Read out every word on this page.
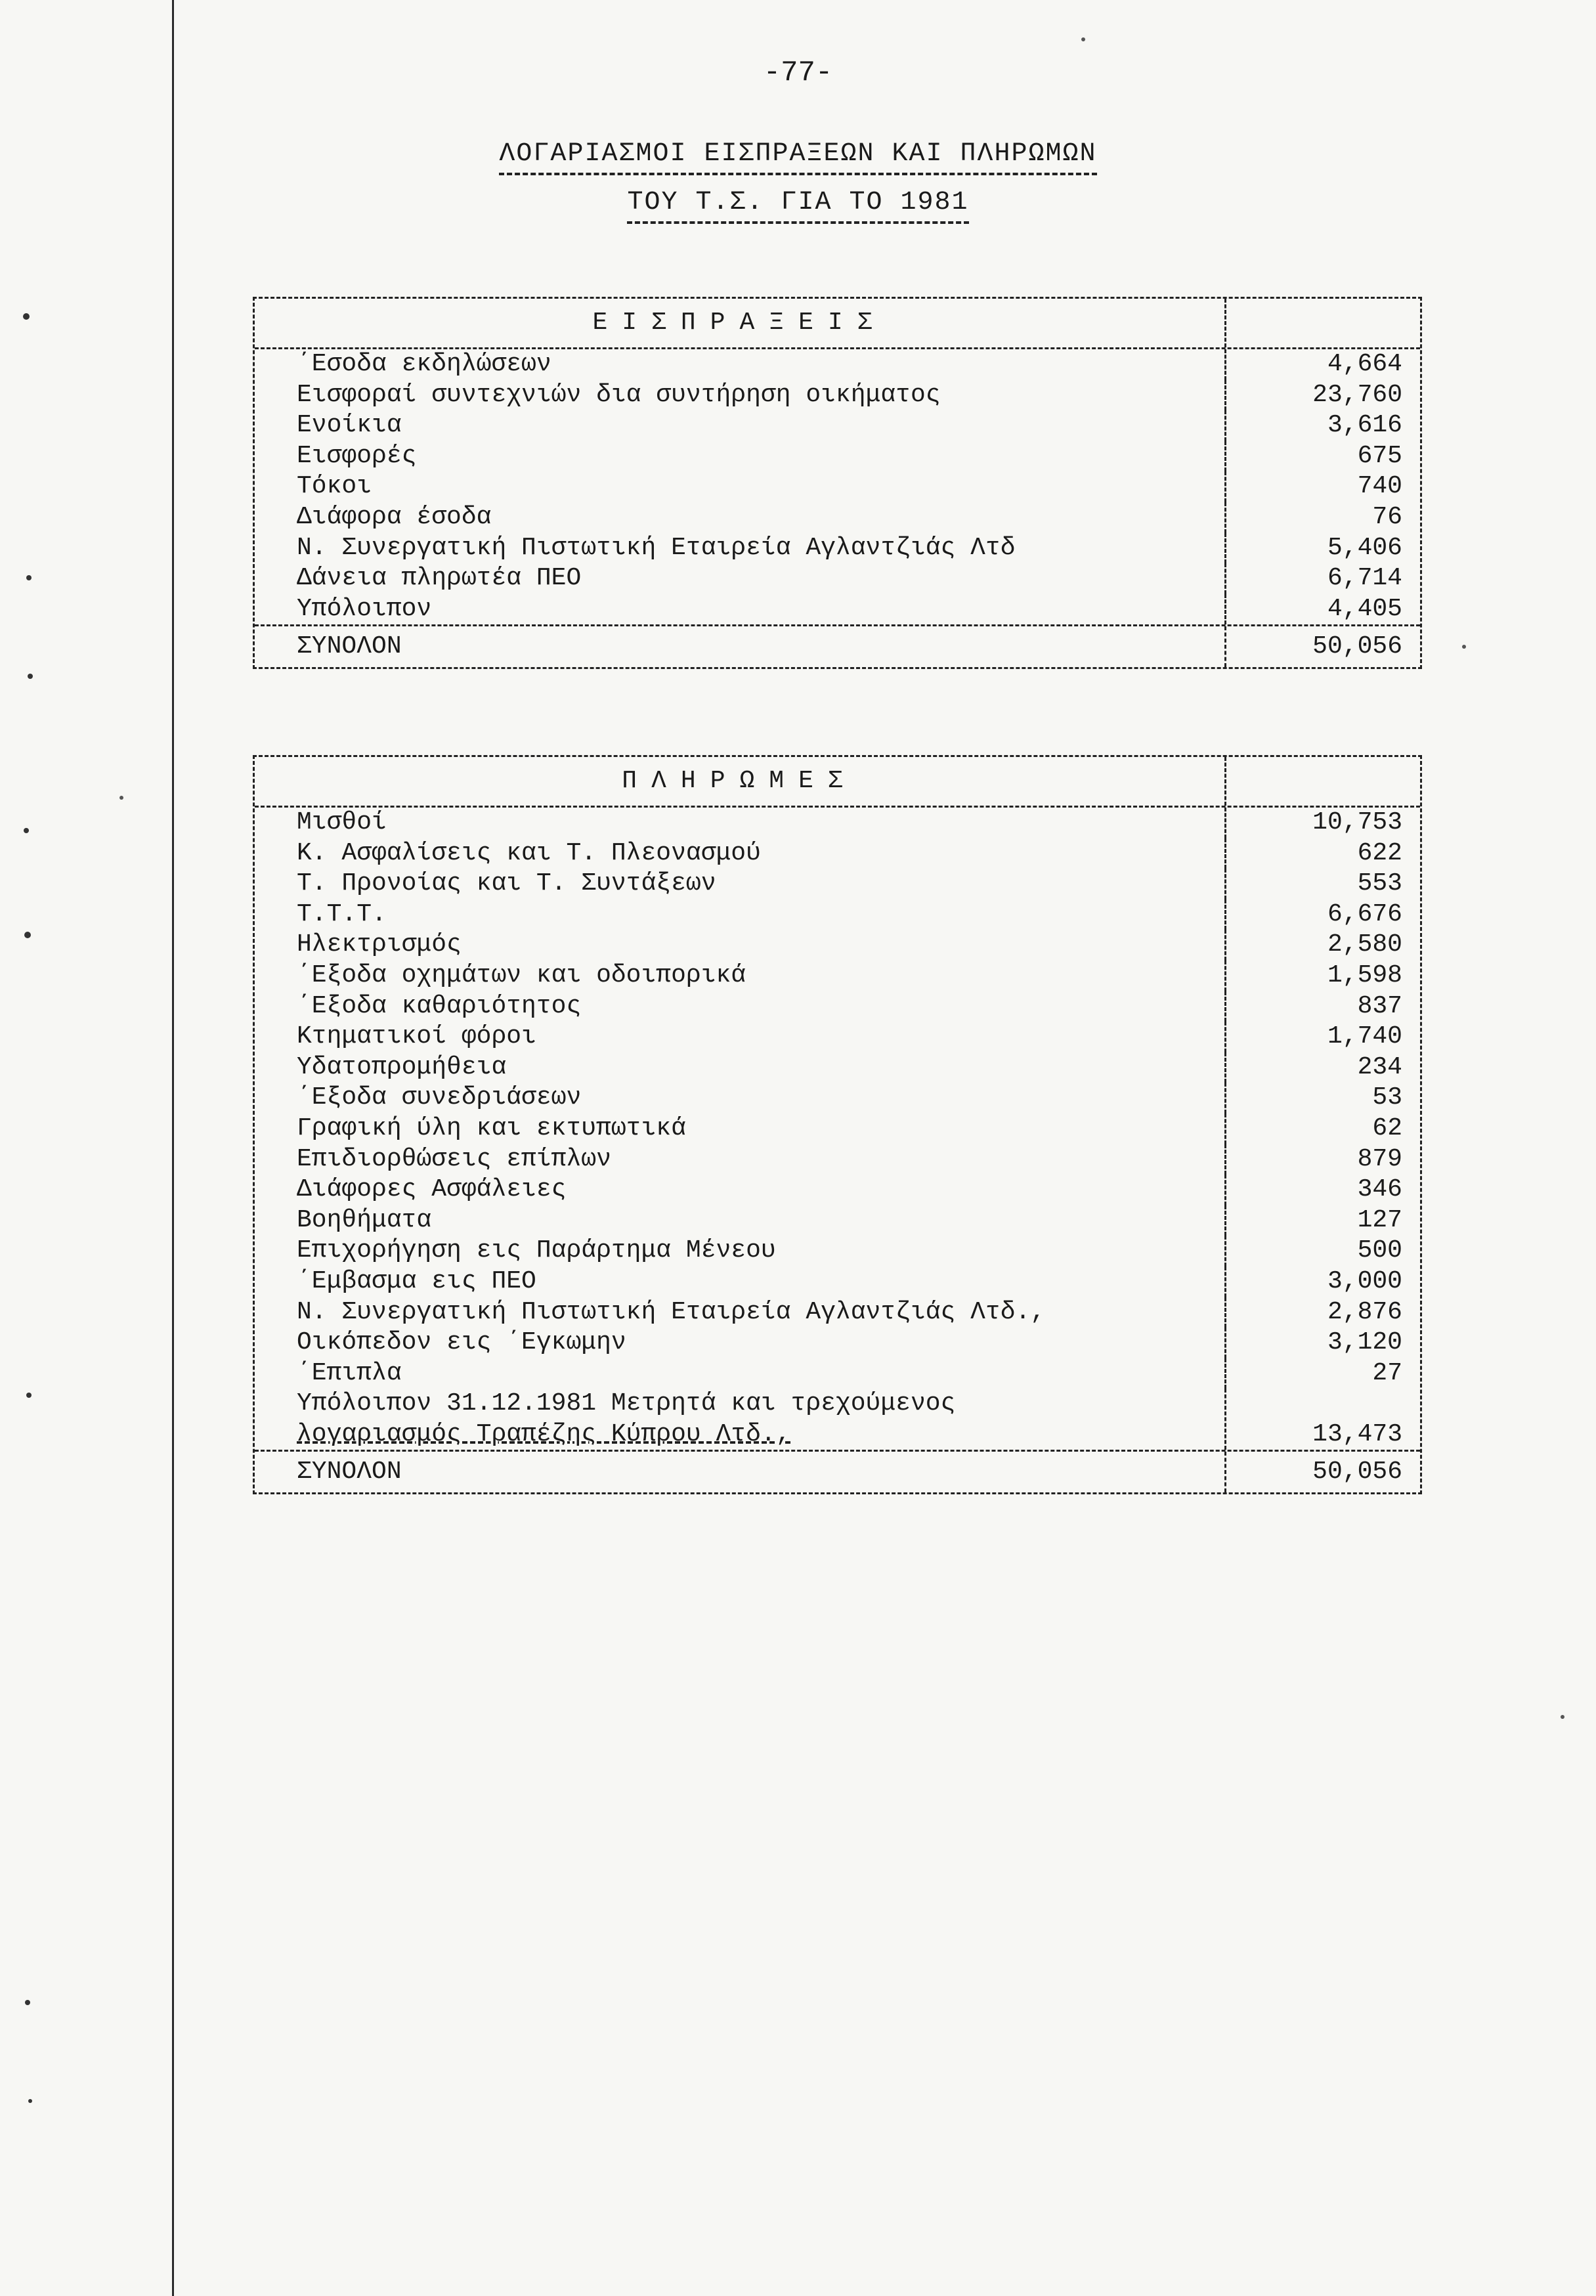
-77-
ΛΟΓΑΡΙΑΣΜΟΙ ΕΙΣΠΡΑΞΕΩΝ ΚΑΙ ΠΛΗΡΩΜΩΝ
ΤΟΥ Τ.Σ. ΓΙΑ ΤΟ 1981
ΕΙΣΠΡΑΞΕΙΣ
΄Εσοδα εκδηλώσεων	4,664
Εισφοραί συντεχνιών δια συντήρηση οικήματος	23,760
Ενοίκια	3,616
Εισφορές	675
Τόκοι	740
Διάφορα έσοδα	76
Ν. Συνεργατική Πιστωτική Εταιρεία Αγλαντζιάς Λτδ	5,406
Δάνεια πληρωτέα ΠΕΟ	6,714
Υπόλοιπον	4,405
ΣΥΝΟΛΟΝ	50,056
ΠΛΗΡΩΜΕΣ
Μισθοί	10,753
Κ. Ασφαλίσεις και Τ. Πλεονασμού	622
Τ. Προνοίας και Τ. Συντάξεων	553
Τ.Τ.Τ.	6,676
Ηλεκτρισμός	2,580
΄Εξοδα οχημάτων και οδοιπορικά	1,598
΄Εξοδα καθαριότητος	837
Κτηματικοί φόροι	1,740
Υδατοπρομήθεια	234
΄Εξοδα συνεδριάσεων	53
Γραφική ύλη και εκτυπωτικά	62
Επιδιορθώσεις επίπλων	879
Διάφορες Ασφάλειες	346
Βοηθήματα	127
Επιχορήγηση εις Παράρτημα Μένεου	500
΄Εμβασμα εις ΠΕΟ	3,000
Ν. Συνεργατική Πιστωτική Εταιρεία Αγλαντζιάς Λτδ.,	2,876
Οικόπεδον εις ΄Εγκωμην	3,120
΄Επιπλα	27
Υπόλοιπον 31.12.1981 Μετρητά και τρεχούμενος
λογαριασμός Τραπέζης Κύπρου Λτδ.,	13,473
ΣΥΝΟΛΟΝ	50,056
